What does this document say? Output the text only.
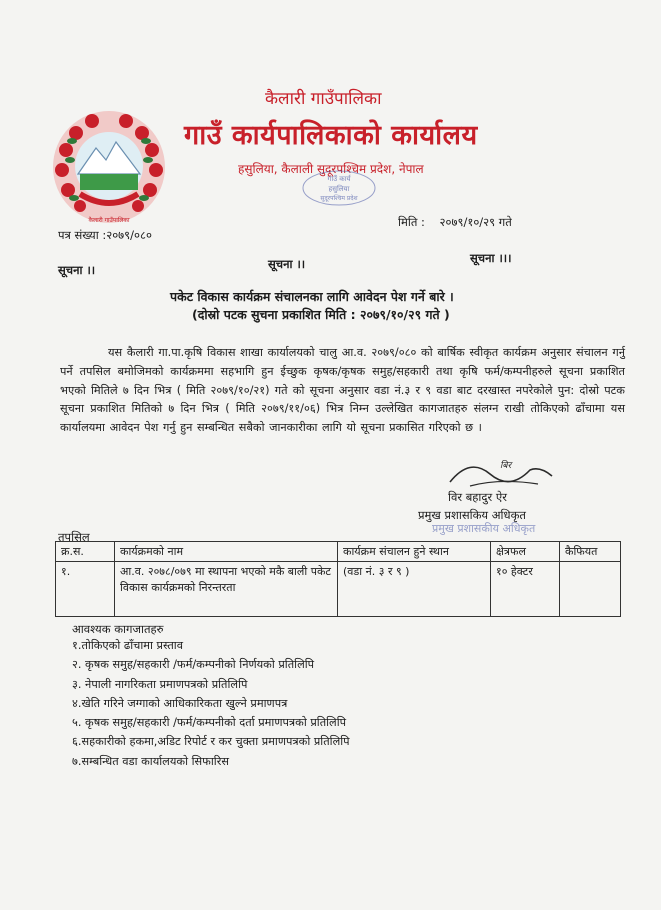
कैलारी गाउँपालिका
कैलारी गाउँपालिका
गाउँ कार्यपालिकाको कार्यालय
हसुलिया, कैलाली सुदूरपश्चिम प्रदेश, नेपाल
गाउँ कार्य
हसुलिया
सुदूरपश्चिम प्रदेश
पत्र संख्या :२०७९/०८०
मिति : २०७९/१०/२९ गते
सूचना ।।	सूचना ।।	सूचना ।।।
पकेट विकास कार्यक्रम संचालनका लागि आवेदन पेश गर्ने बारे ।
(दोस्रो पटक सुचना प्रकाशित मिति : २०७९/१०/२९ गते )
यस कैलारी गा.पा.कृषि विकास शाखा कार्यालयको चालु आ.व. २०७९/०८० को बार्षिक स्वीकृत कार्यक्रम अनुसार संचालन गर्नु पर्ने तपसिल बमोजिमको कार्यक्रममा सहभागि हुन ईच्छुक कृषक/कृषक समुह/सहकारी तथा कृषि फर्म/कम्पनीहरुले सूचना प्रकाशित भएको मितिले ७ दिन भित्र ( मिति २०७९/१०/२१) गते को सूचना अनुसार वडा नं.३ र ९ वडा बाट दरखास्त नपरेकोले पुन: दोस्रो पटक सूचना प्रकाशित मितिको ७ दिन भित्र ( मिति २०७९/११/०६) भित्र निम्न उल्लेखित कागजातहरु संलग्न राखी तोकिएको ढाँचामा यस कार्यालयमा आवेदन पेश गर्नु हुन सम्बन्धित सबैको जानकारीका लागि यो सूचना प्रकासित गरिएको छ ।
बिर
विर बहादुर ऐर
प्रमुख प्रशासकिय अधिकृत
प्रमुख प्रशासकीय अधिकृत
तपसिल
क्र.स.	कार्यक्रमको नाम	कार्यक्रम संचालन हुने स्थान	क्षेत्रफल	कैफियत
१.	आ.व. २०७८/०७९ मा स्थापना भएको मकै बाली पकेट विकास कार्यक्रमको निरन्तरता	(वडा नं. ३ र ९ )	१० हेक्टर	
आवश्यक कागजातहरु
१.तोकिएको ढाँचामा प्रस्ताव
२. कृषक समुह/सहकारी /फर्म/कम्पनीको निर्णयको प्रतिलिपि
३. नेपाली नागरिकता प्रमाणपत्रको प्रतिलिपि
४.खेति गरिने जग्गाको आधिकारिकता खुल्ने प्रमाणपत्र
५. कृषक समुह/सहकारी /फर्म/कम्पनीको दर्ता प्रमाणपत्रको प्रतिलिपि
६.सहकारीको हकमा,अडिट रिपोर्ट र कर चुक्ता प्रमाणपत्रको प्रतिलिपि
७.सम्बन्धित वडा कार्यालयको सिफारिस
